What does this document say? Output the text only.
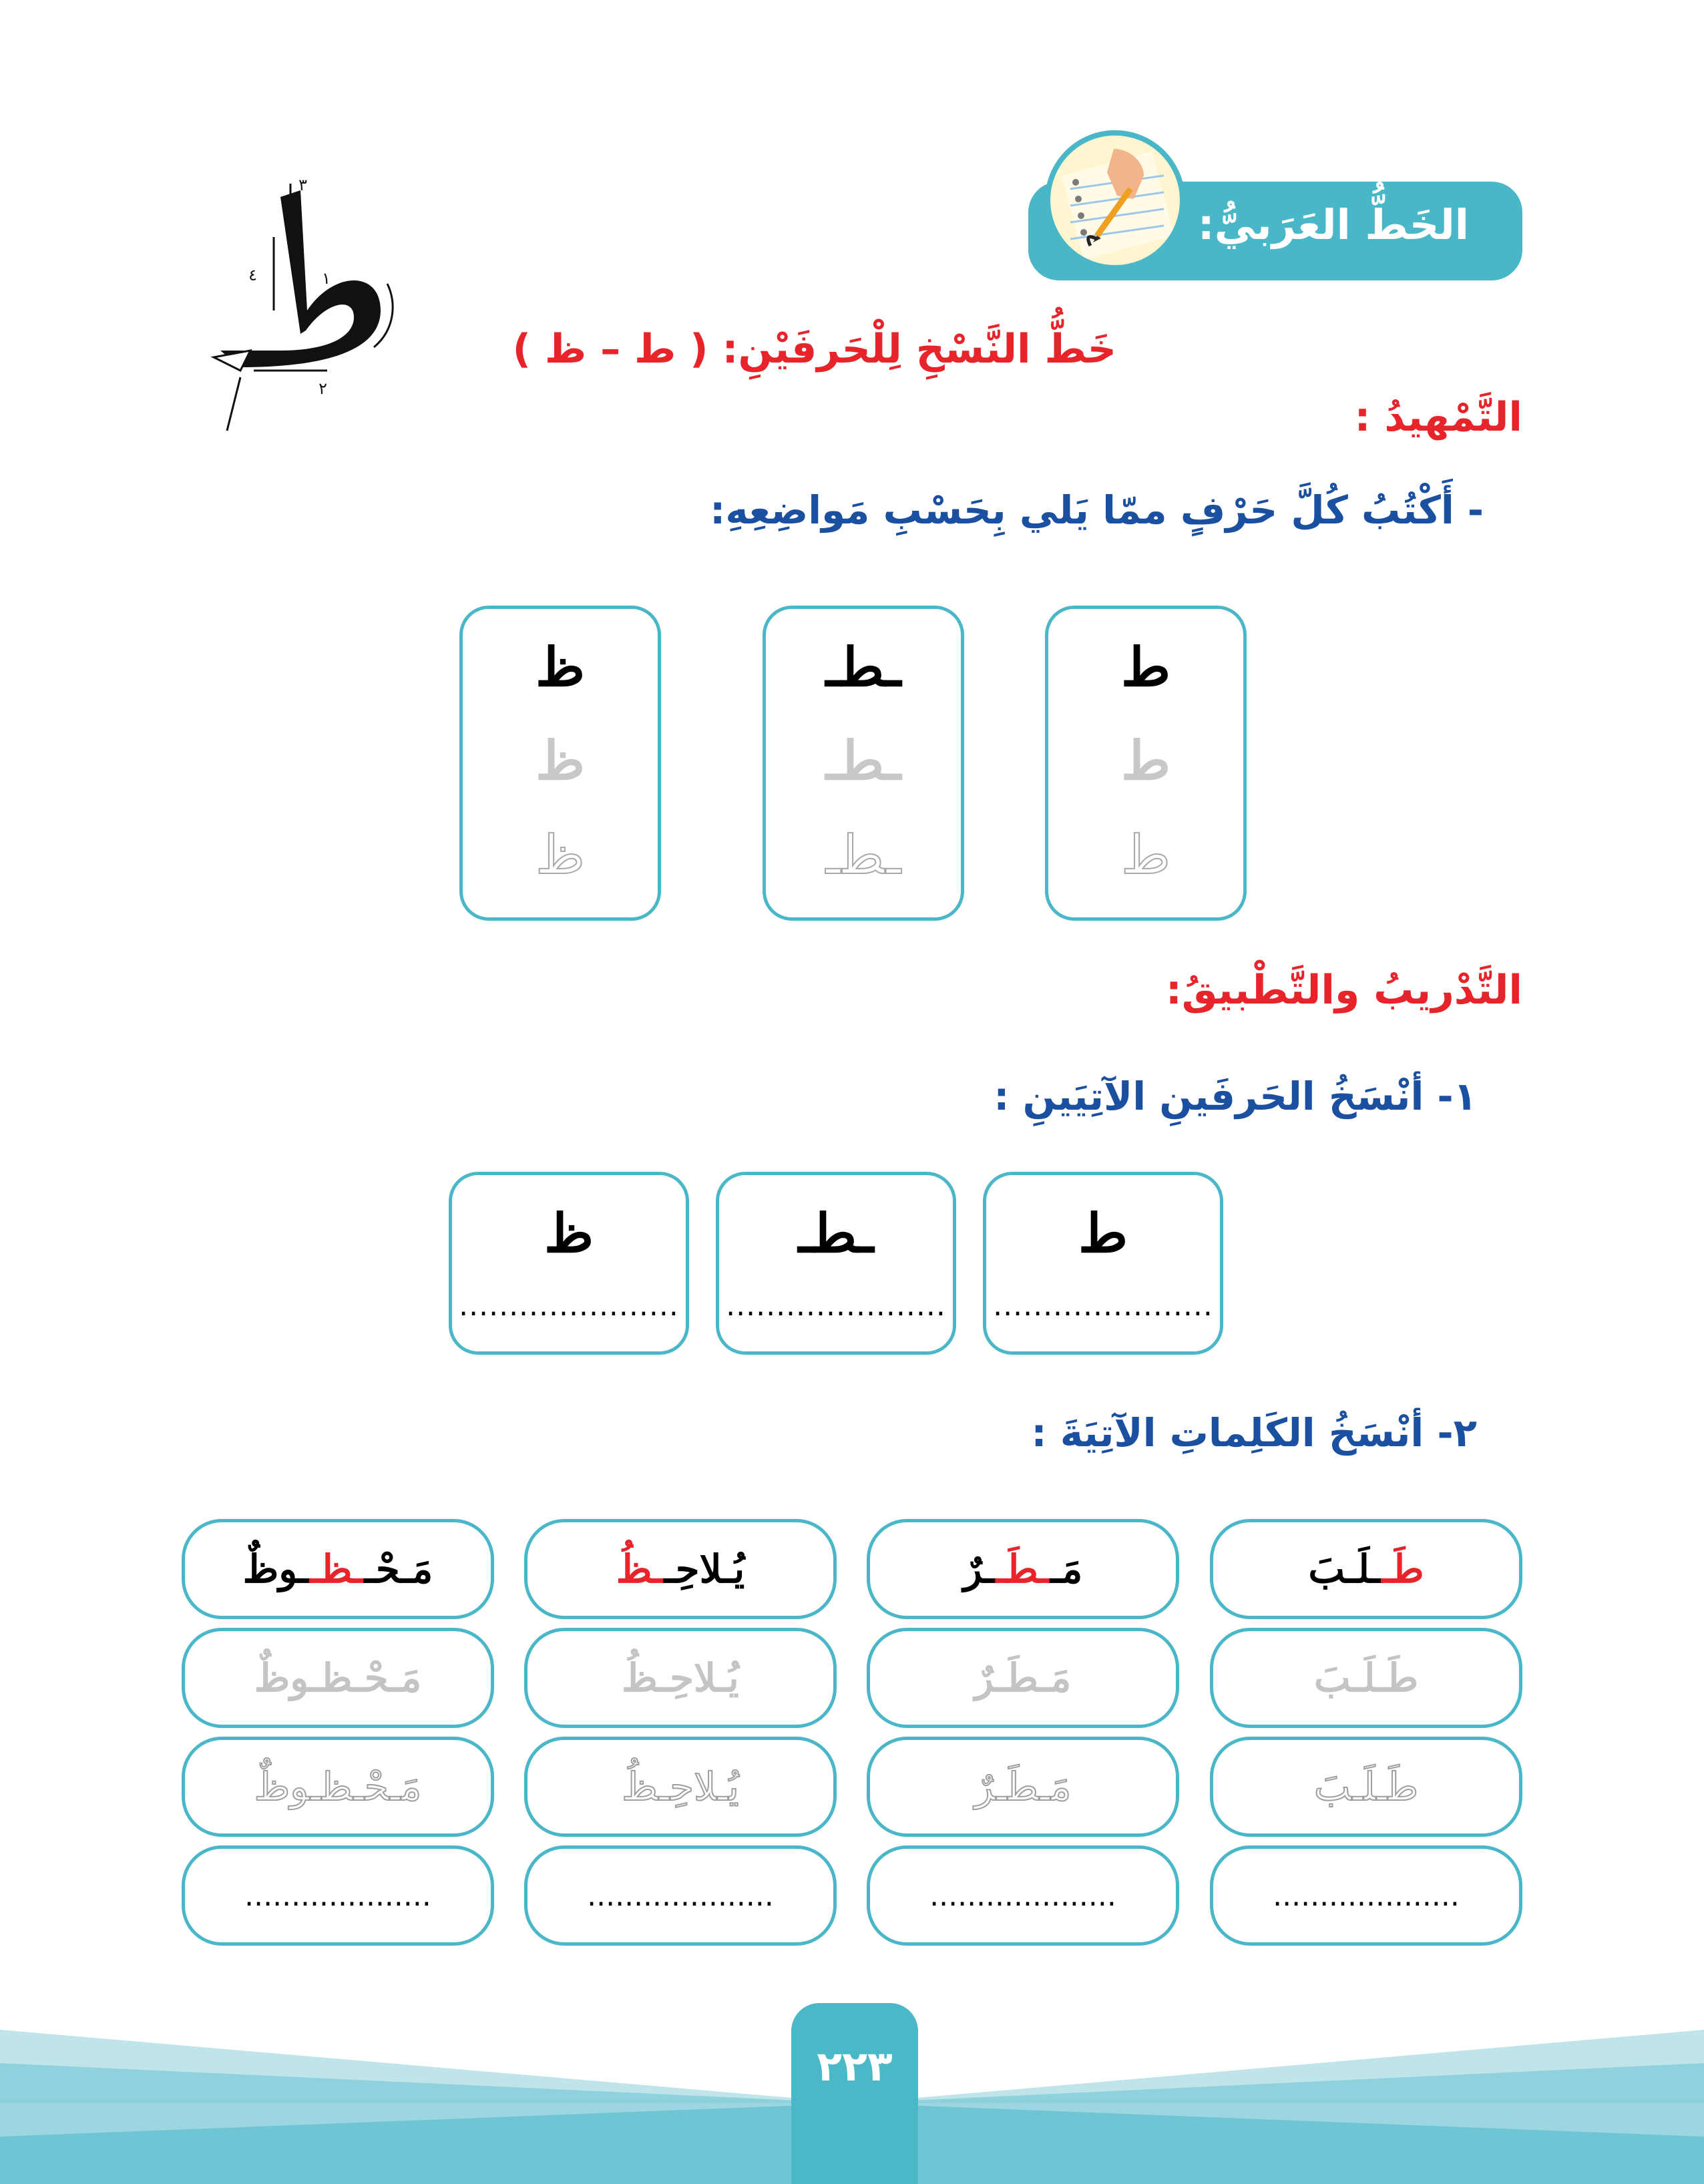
الخَطُّ العَرَبيُّ:
٣
٤	١
٢
خَطُّ النَّسْخِ لِلْحَرفَيْنِ: ( ط – ظ )
التَّمْهيدُ :
- أَكْتُبُ كُلَّ حَرْفٍ ممّا يَلي بِحَسْبِ مَواضِعِهِ:
ط
ط
ط
ـطـ
ـطـ
ـطـ
ظ
ظ
ظ
التَّدْريبُ والتَّطْبيقُ:
١- أنْسَخُ الحَرفَينِ الآتِيَينِ :
ط
......................
ـطـ
......................
ظ
......................
٢- أنْسَخُ الكَلِماتِ الآتِيَةَ :
طَــلَـبَ
طَـلَـبَ
طَـلَـبَ
....................
مَــطَــرٌ
مَـطَـرٌ
مَـطَـرٌ
....................
يُـلاحِــظُ
يُـلاحِـظُ
يُـلاحِـظُ
....................
مَـحْــظــوظٌ
مَـحْـظـوظٌ
مَـحْـظـوظٌ
....................
٢٢٣
